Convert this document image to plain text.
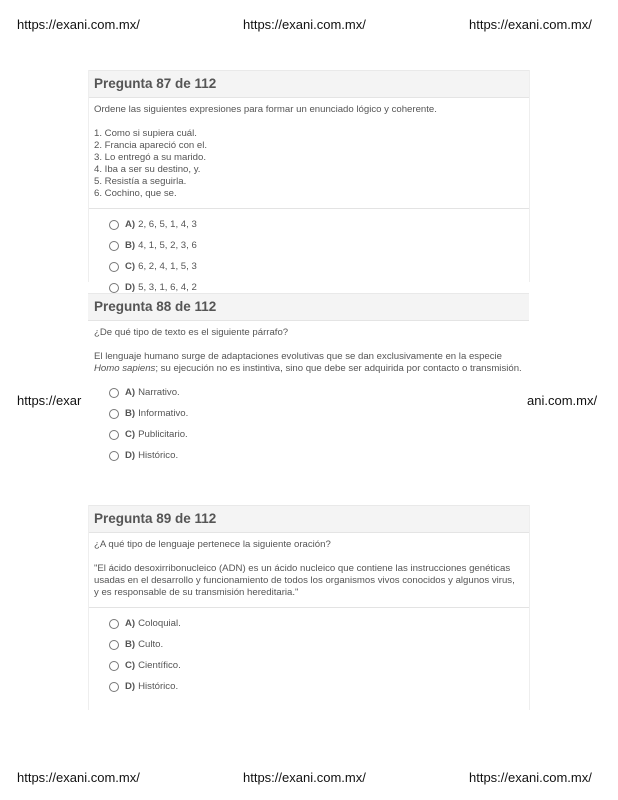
https://exani.com.mx/	https://exani.com.mx/	https://exani.com.mx/
Pregunta 87 de 112

Ordene las siguientes expresiones para formar un enunciado lógico y coherente.

1. Como si supiera cuál.

2. Francia apareció con el.

3. Lo entregó a su marido.

4. Iba a ser su destino, y.

5. Resistía a seguirla.

6. Cochino, que se.

A) 2, 6, 5, 1, 4, 3
B) 4, 1, 5, 2, 3, 6
C) 6, 2, 4, 1, 5, 3
D) 5, 3, 1, 6, 4, 2
Pregunta 88 de 112

¿De qué tipo de texto es el siguiente párrafo?

El lenguaje humano surge de adaptaciones evolutivas que se dan exclusivamente en la especie Homo sapiens; su ejecución no es instintiva, sino que debe ser adquirida por contacto o transmisión.

A) Narrativo.
B) Informativo.
C) Publicitario.
D) Histórico.
https://exar	ani.com.mx/
Pregunta 89 de 112

¿A qué tipo de lenguaje pertenece la siguiente oración?

"El ácido desoxirribonucleico (ADN) es un ácido nucleico que contiene las instrucciones genéticas usadas en el desarrollo y funcionamiento de todos los organismos vivos conocidos y algunos virus, y es responsable de su transmisión hereditaria."

A) Coloquial.
B) Culto.
C) Científico.
D) Histórico.
https://exani.com.mx/	https://exani.com.mx/	https://exani.com.mx/
